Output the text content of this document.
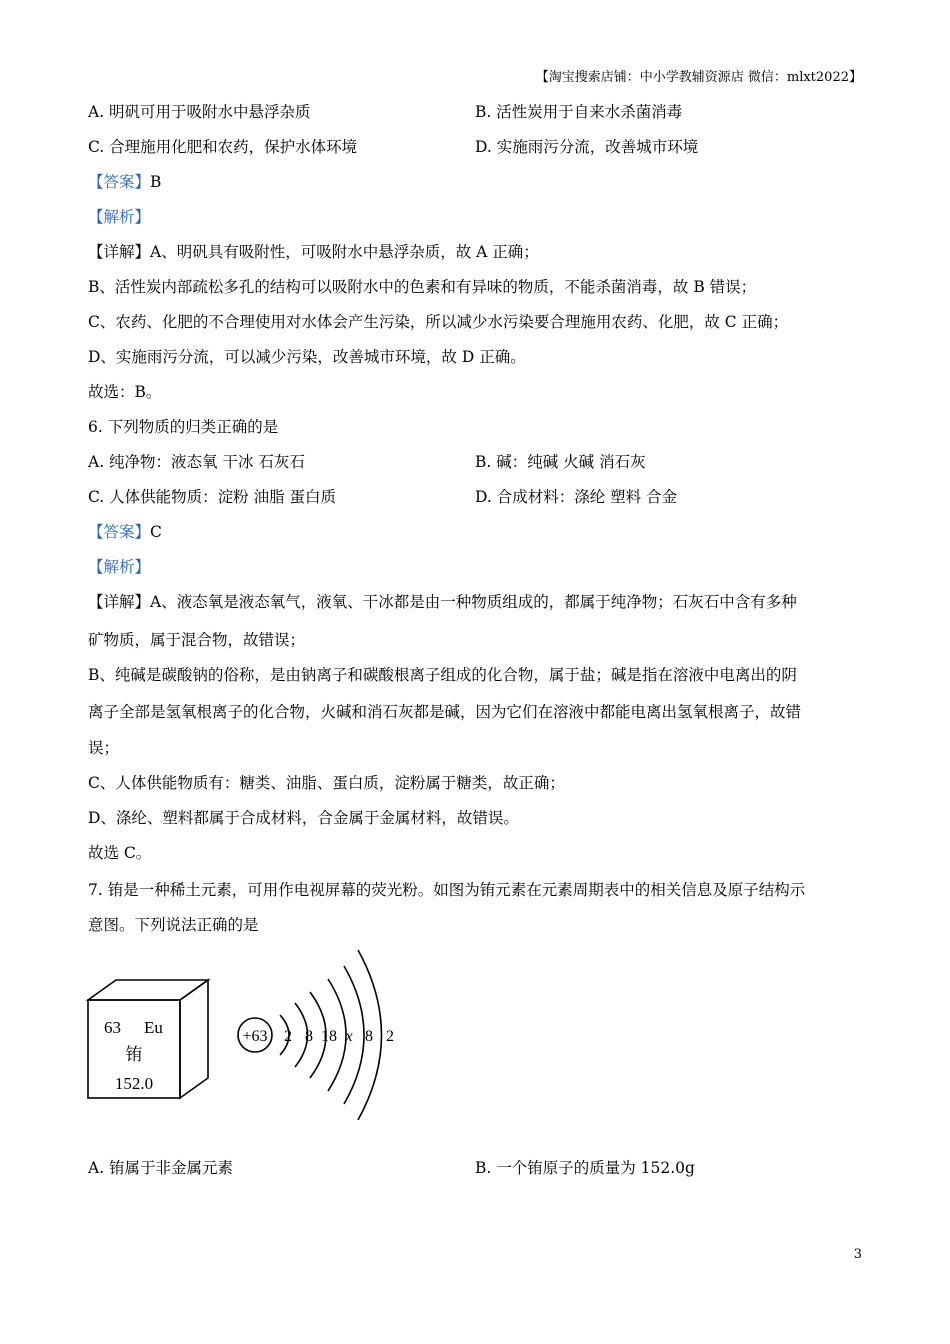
【淘宝搜索店铺：中小学教辅资源店 微信：mlxt2022】
A. 明矾可用于吸附水中悬浮杂质	B. 活性炭用于自来水杀菌消毒
C. 合理施用化肥和农药，保护水体环境	D. 实施雨污分流，改善城市环境
【答案】B
【解析】
【详解】A、明矾具有吸附性，可吸附水中悬浮杂质，故 A 正确；
B、活性炭内部疏松多孔的结构可以吸附水中的色素和有异味的物质，不能杀菌消毒，故 B 错误；
C、农药、化肥的不合理使用对水体会产生污染，所以减少水污染要合理施用农药、化肥，故 C 正确；
D、实施雨污分流，可以减少污染，改善城市环境，故 D 正确。
故选：B。
6. 下列物质的归类正确的是
A. 纯净物：液态氧 干冰 石灰石	B. 碱：纯碱 火碱 消石灰
C. 人体供能物质：淀粉 油脂 蛋白质	D. 合成材料：涤纶 塑料 合金
【答案】C
【解析】
【详解】A、液态氧是液态氧气，液氧、干冰都是由一种物质组成的，都属于纯净物；石灰石中含有多种
矿物质，属于混合物，故错误；
B、纯碱是碳酸钠的俗称，是由钠离子和碳酸根离子组成的化合物，属于盐；碱是指在溶液中电离出的阴
离子全部是氢氧根离子的化合物，火碱和消石灰都是碱，因为它们在溶液中都能电离出氢氧根离子，故错
误；
C、人体供能物质有：糖类、油脂、蛋白质，淀粉属于糖类，故正确；
D、涤纶、塑料都属于合成材料，合金属于金属材料，故错误。
故选 C。
7. 铕是一种稀土元素，可用作电视屏幕的荧光粉。如图为铕元素在元素周期表中的相关信息及原子结构示
意图。下列说法正确的是
63 Eu
铕
152.0
+63 2 8 18 x 8 2
A. 铕属于非金属元素	B. 一个铕原子的质量为 152.0g
3
